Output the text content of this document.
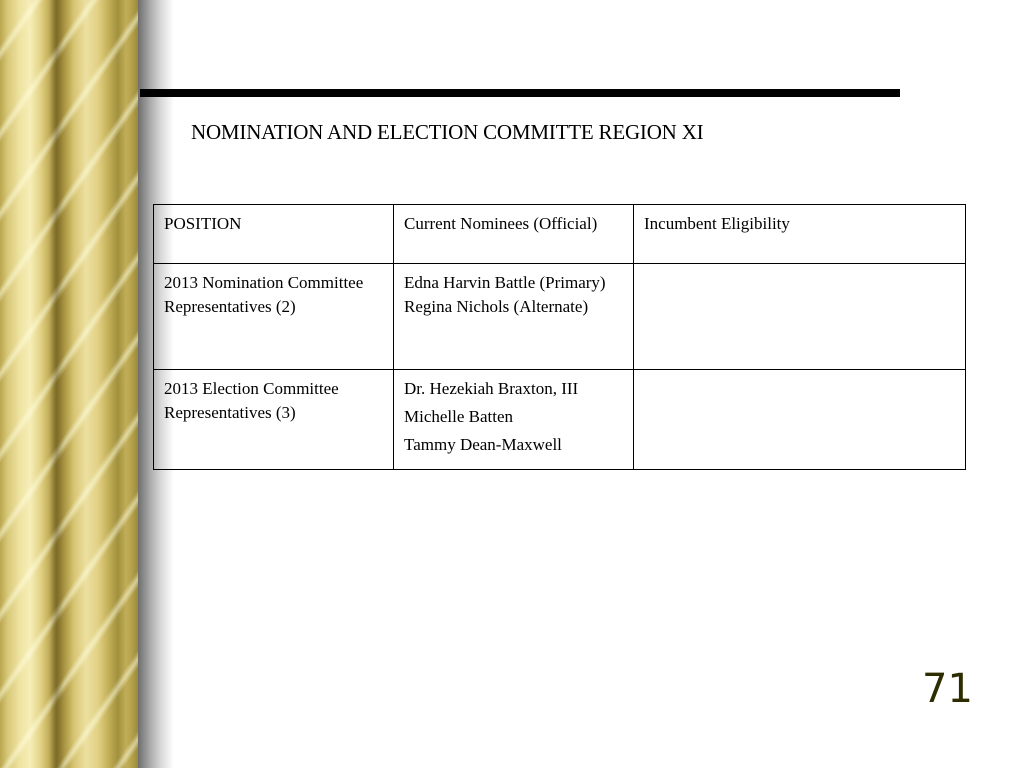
NOMINATION AND ELECTION COMMITTE REGION XI
POSITION	Current Nominees (Official)	Incumbent Eligibility

2013 Nomination Committee Representatives (2)	Edna Harvin Battle (Primary)
Regina Nichols (Alternate)	

2013 Election Committee Representatives (3)	Dr. Hezekiah Braxton, III
Michelle Batten
Tammy Dean-Maxwell	

71
